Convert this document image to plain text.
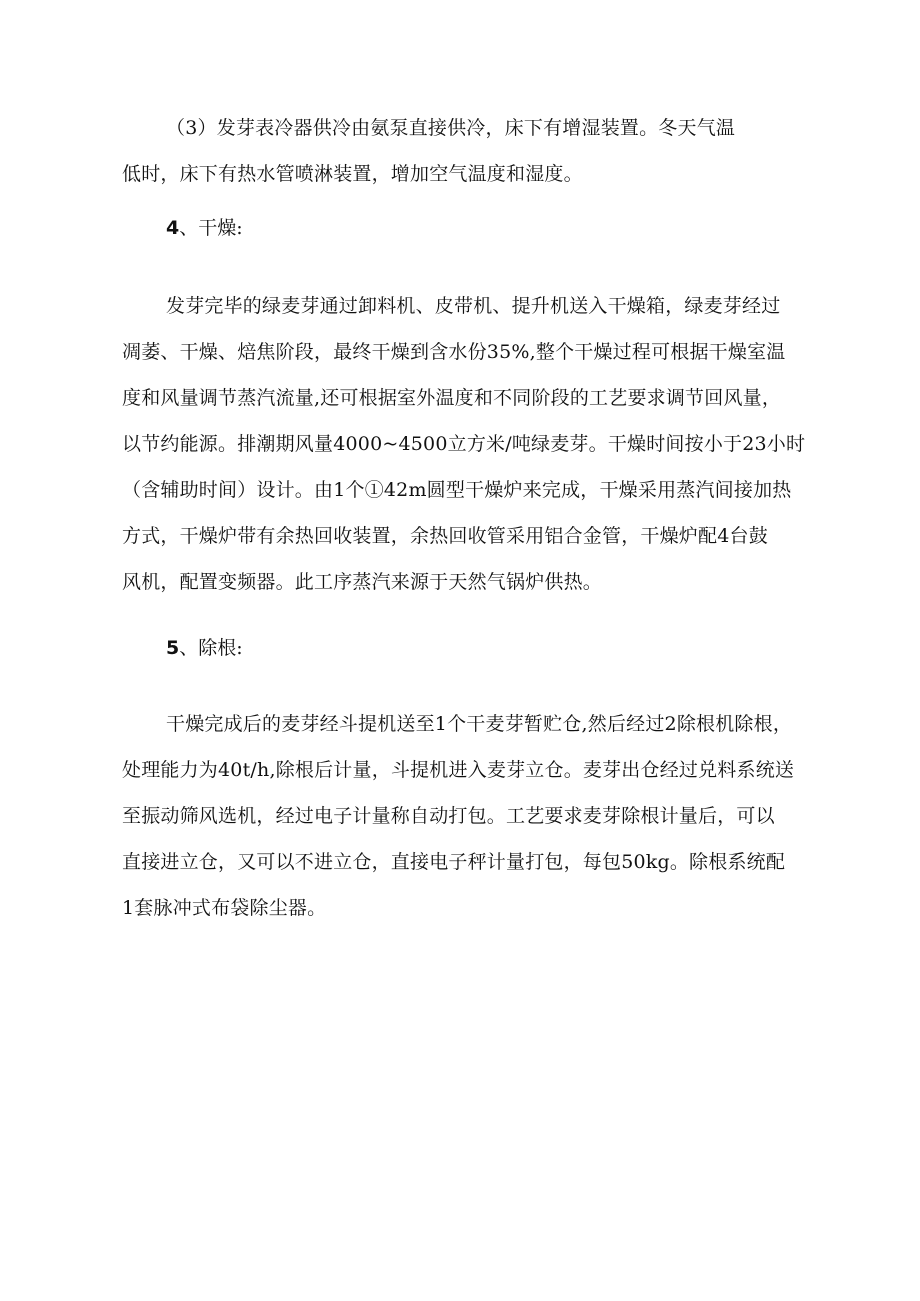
（3）发芽表冷器供冷由氨泵直接供冷，床下有增湿装置。冬天气温
低时，床下有热水管喷淋装置，增加空气温度和湿度。

4、干燥:

发芽完毕的绿麦芽通过卸料机、皮带机、提升机送入干燥箱，绿麦芽经过
凋萎、干燥、焙焦阶段，最终干燥到含水份35%,整个干燥过程可根据干燥室温
度和风量调节蒸汽流量,还可根据室外温度和不同阶段的工艺要求调节回风量，
以节约能源。排潮期风量4000~4500立方米/吨绿麦芽。干燥时间按小于23小时
（含辅助时间）设计。由1个①42m圆型干燥炉来完成，干燥采用蒸汽间接加热
方式，干燥炉带有余热回收装置，余热回收管采用铝合金管，干燥炉配4台鼓
风机，配置变频器。此工序蒸汽来源于天然气锅炉供热。

5、除根:

干燥完成后的麦芽经斗提机送至1个干麦芽暂贮仓,然后经过2除根机除根，
处理能力为40t/h,除根后计量，斗提机进入麦芽立仓。麦芽出仓经过兑料系统送
至振动筛风选机，经过电子计量称自动打包。工艺要求麦芽除根计量后，可以
直接进立仓，又可以不进立仓，直接电子秤计量打包，每包50kg。除根系统配
1套脉冲式布袋除尘器。
